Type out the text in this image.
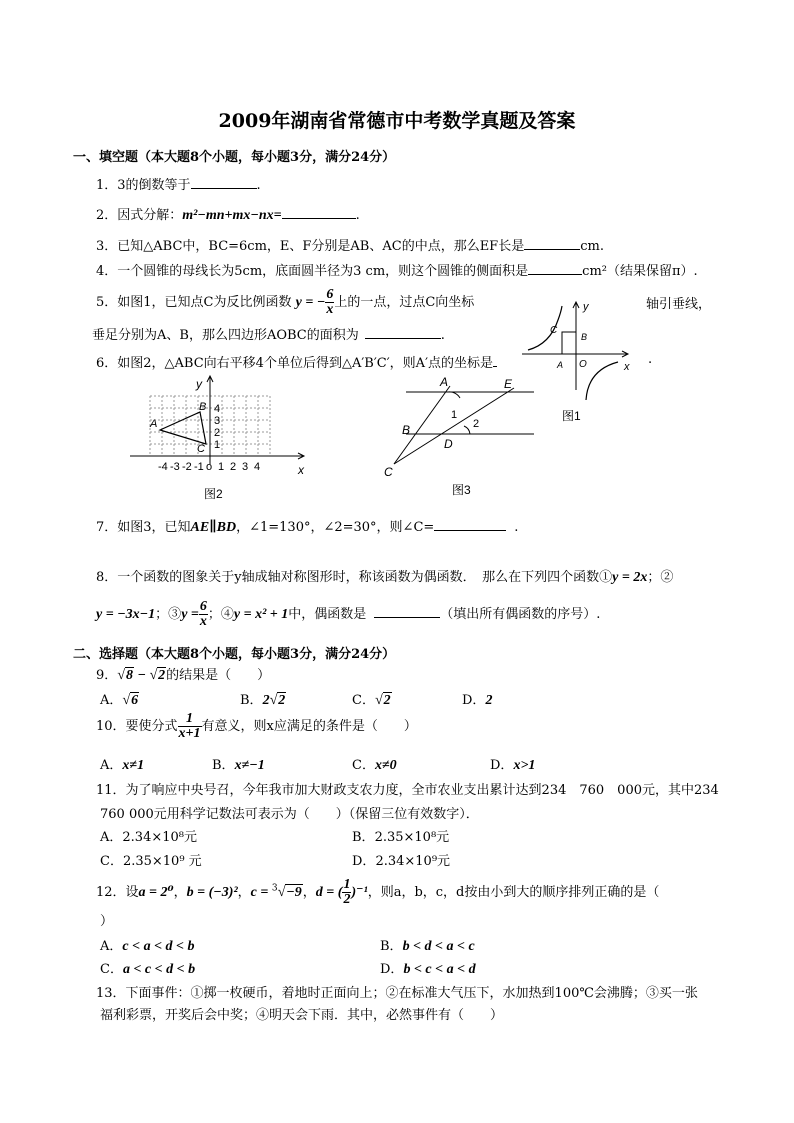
2009年湖南省常德市中考数学真题及答案
一、填空题（本大题8个小题，每小题3分，满分24分）
1．3的倒数等于	.
2．因式分解：m²−mn+mx−nx=	.
3．已知△ABC中，BC=6cm，E、F分别是AB、AC的中点，那么EF长是	cm.
4．一个圆锥的母线长为5cm，底面圆半径为3 cm，则这个圆锥的侧面积是	cm²（结果保留π）.
5．如图1，已知点C为反比例函数 y = − $\frac{6}{x}$ 上的一点，过点C向坐标	轴引垂线，
垂足分别为A、B，那么四边形AOBC的面积为	.
6．如图2，△ABC向右平移4个单位后得到△A′B′C′，则A′点的坐标是	.
y
x
O
A
B
C
图1
-4 -3 -2 -1 o 1 2 3 4
1
2
3
4
y
x
A
B
C
图2
A	E
B
D
C
1
2
图3
7．如图3，已知AE∥BD，∠1=130°，∠2=30°，则∠C=	.
8．一个函数的图象关于y轴成轴对称图形时，称该函数为偶函数．　那么在下列四个函数①y = 2x；②
y = −3x−1；③y = $\frac{6}{x}$ ；④y = x² + 1中，偶函数是	（填出所有偶函数的序号）.
二、选择题（本大题8个小题，每小题3分，满分24分）
9．√8 − √2的结果是（　　）
A．√6	B．2√2	C．√2	D．2
10．要使分式 $\frac{1}{x+1}$ 有意义，则x应满足的条件是（　　）
A．x≠1	B．x≠−1	C．x≠0	D．x>1
11．为了响应中央号召，今年我市加大财政支农力度，全市农业支出累计达到234　760　000元，其中234
760 000元用科学记数法可表示为（　　）（保留三位有效数字）．
A．2.34×10⁸元	B．2.35×10⁸元
C．2.35×10⁹ 元	D．2.34×10⁹元
12．设a = 2⁰，b = (−3)²，c = $^3$√−9，d = ( $\frac{1}{2} )^{-1}$，则a，b，c，d按由小到大的顺序排列正确的是（
）
A．c < a < d < b	B．b < d < a < c
C．a < c < d < b	D．b < c < a < d
13．下面事件：①掷一枚硬币，着地时正面向上；②在标准大气压下，水加热到100℃会沸腾；③买一张
福利彩票，开奖后会中奖；④明天会下雨．其中，必然事件有（　　）
